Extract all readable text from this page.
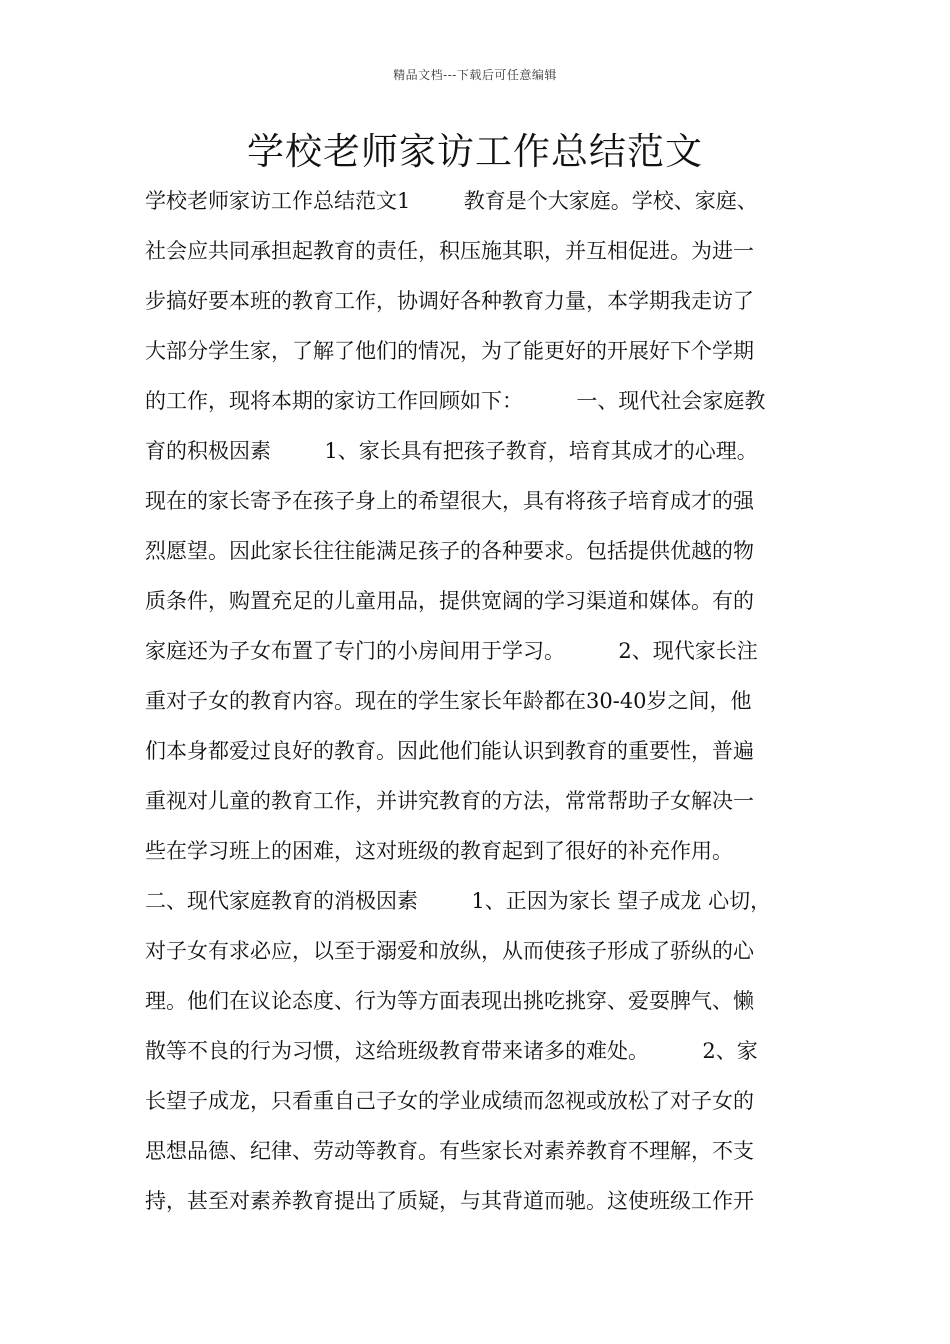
精品文档---下载后可任意编辑
学校老师家访工作总结范文
学校老师家访工作总结范文1        教育是个大家庭。学校、家庭、
社会应共同承担起教育的责任，积压施其职，并互相促进。为进一
步搞好要本班的教育工作，协调好各种教育力量，本学期我走访了
大部分学生家，了解了他们的情况，为了能更好的开展好下个学期
的工作，现将本期的家访工作回顾如下：        一、现代社会家庭教
育的积极因素        1、家长具有把孩子教育，培育其成才的心理。
现在的家长寄予在孩子身上的希望很大，具有将孩子培育成才的强
烈愿望。因此家长往往能满足孩子的各种要求。包括提供优越的物
质条件，购置充足的儿童用品，提供宽阔的学习渠道和媒体。有的
家庭还为子女布置了专门的小房间用于学习。        2、现代家长注
重对子女的教育内容。现在的学生家长年龄都在30-40岁之间，他
们本身都爱过良好的教育。因此他们能认识到教育的重要性，普遍
重视对儿童的教育工作，并讲究教育的方法，常常帮助子女解决一
些在学习班上的困难，这对班级的教育起到了很好的补充作用。
二、现代家庭教育的消极因素        1、正因为家长 望子成龙 心切，
对子女有求必应，以至于溺爱和放纵，从而使孩子形成了骄纵的心
理。他们在议论态度、行为等方面表现出挑吃挑穿、爱耍脾气、懒
散等不良的行为习惯，这给班级教育带来诸多的难处。        2、家
长望子成龙，只看重自己子女的学业成绩而忽视或放松了对子女的
思想品德、纪律、劳动等教育。有些家长对素养教育不理解，不支
持，甚至对素养教育提出了质疑，与其背道而驰。这使班级工作开
